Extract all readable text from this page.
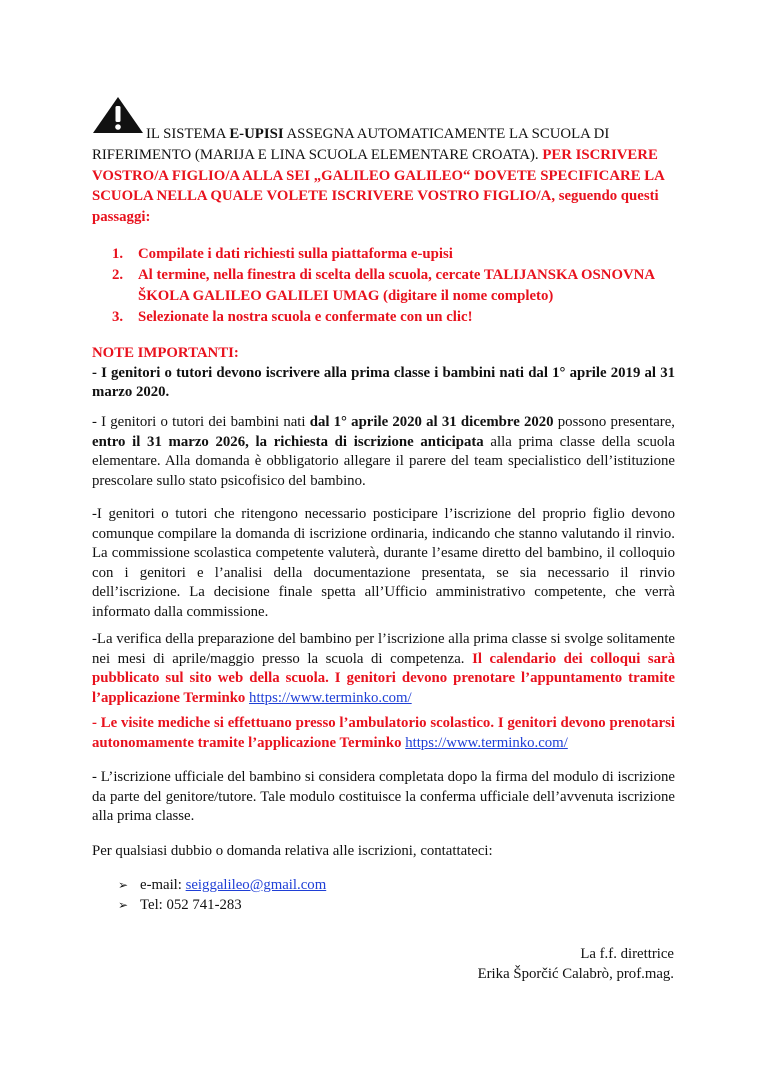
IL SISTEMA E-UPISI ASSEGNA AUTOMATICAMENTE LA SCUOLA DI RIFERIMENTO (MARIJA E LINA SCUOLA ELEMENTARE CROATA). PER ISCRIVERE VOSTRO/A FIGLIO/A ALLA SEI „GALILEO GALILEO“ DOVETE SPECIFICARE LA SCUOLA NELLA QUALE VOLETE ISCRIVERE VOSTRO FIGLIO/A, seguendo questi passaggi:
1. Compilate i dati richiesti sulla piattaforma e-upisi
2. Al termine, nella finestra di scelta della scuola, cercate TALIJANSKA OSNOVNA ŠKOLA GALILEO GALILEI UMAG (digitare il nome completo)
3. Selezionate la nostra scuola e confermate con un clic!

NOTE IMPORTANTI:

- I genitori o tutori devono iscrivere alla prima classe i bambini nati dal 1° aprile 2019 al 31 marzo 2020.

- I genitori o tutori dei bambini nati dal 1° aprile 2020 al 31 dicembre 2020 possono presentare, entro il 31 marzo 2026, la richiesta di iscrizione anticipata alla prima classe della scuola elementare. Alla domanda è obbligatorio allegare il parere del team specialistico dell’istituzione prescolare sullo stato psicofisico del bambino.

-I genitori o tutori che ritengono necessario posticipare l’iscrizione del proprio figlio devono comunque compilare la domanda di iscrizione ordinaria, indicando che stanno valutando il rinvio. La commissione scolastica competente valuterà, durante l’esame diretto del bambino, il colloquio con i genitori e l’analisi della documentazione presentata, se sia necessario il rinvio dell’iscrizione. La decisione finale spetta all’Ufficio amministrativo competente, che verrà informato dalla commissione.

-La verifica della preparazione del bambino per l’iscrizione alla prima classe si svolge solitamente nei mesi di aprile/maggio presso la scuola di competenza. Il calendario dei colloqui sarà pubblicato sul sito web della scuola. I genitori devono prenotare l’appuntamento tramite l’applicazione Terminko https://www.terminko.com/

- Le visite mediche si effettuano presso l’ambulatorio scolastico. I genitori devono prenotarsi autonomamente tramite l’applicazione Terminko https://www.terminko.com/

- L’iscrizione ufficiale del bambino si considera completata dopo la firma del modulo di iscrizione da parte del genitore/tutore. Tale modulo costituisce la conferma ufficiale dell’avvenuta iscrizione alla prima classe.

Per qualsiasi dubbio o domanda relativa alle iscrizioni, contattateci:

➢ e-mail: seiggalileo@gmail.com
➢ Tel: 052 741-283
La f.f. direttrice
Erika Šporčić Calabrò, prof.mag.
